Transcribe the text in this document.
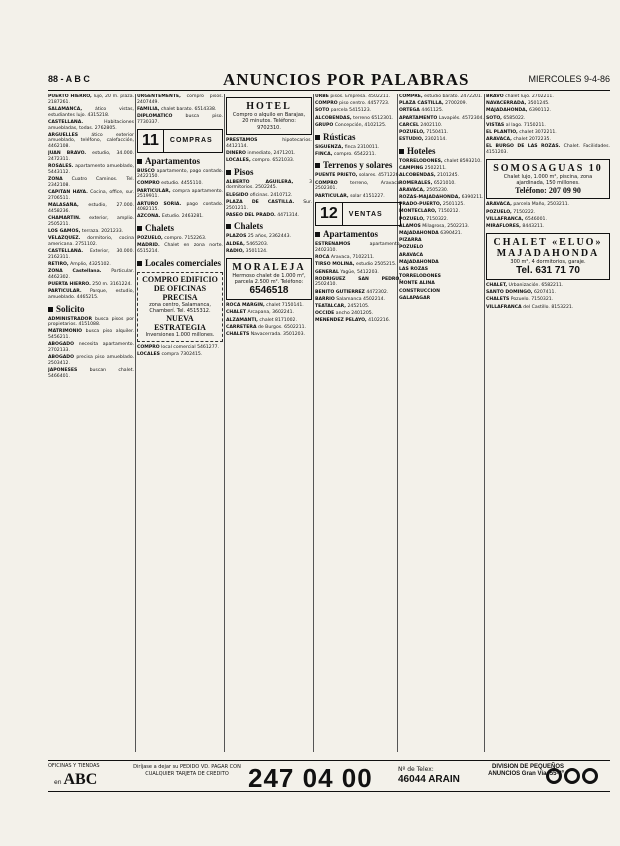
88 - A B C	ANUNCIOS POR PALABRAS	MIERCOLES 9-4-86
PUERTO HIERRO, lujo, 20 m. plaza. 2187261.
SALAMANCA,	ático vistas, estudiantes lujo. 4315218.
CASTELLANA.	Habitaciones amuebladas, todas. 2762805.
ARGUELLES	ático exterior amueblado, teléfono, calefacción, 4462108.
JUAN BRAVO. estudio, 34.000. 2472311.
ROSALES. apartamento amueblado, 5443112.
ZONA Cuatro Caminos. Tel. 2342108.
CAPITAN HAYA. Cocina, office, sur. 2706511.
MALASAÑA, estudio, 27.000. 4458236.
CHAMARTIN. exterior, amplio. 2505211.
LOS GAMOS, terraza. 2021233.
VELAZQUEZ. dormitorio, cocina americana. 2751102.
CASTELLANA. Exterior, 30.000. 2162311.
RETIRO, Amplio, 4325102.
ZONA Castellana. Particular. 4462302.
PUERTA HIERRO. 250 m. 3161224.
PARTICULAR. Parque, estudio, amueblado. 4465215.
Solicito
ADMINISTRADOR busca pisos por propietarios. 4151088.
MATRIMONIO busca piso alquiler. 5456211.
ABOGADO necesita apartamento. 2702133.
ABOGADO precisa piso amueblado. 2503412.
JAPONESES	buscan chalet. 5466401.
URGENTEMENTE, compro pisos. 2407449.
FAMILIA, chalet barato. 6514338.
DIPLOMATICO	busca piso. 7730337.
11	COMPRAS
Apartamentos
BUSCO apartamento, pago contado. 2422150.
COMPRO estudio. 4455110.
PARTICULAR, compra apartamento. 2519911.
ARTURO SORIA. pago contado. 4082115.
AZCONA. Estudio. 2463281.
Chalets
POZUELO, compro. 7152263.
MADRID. Chalet en zona norte. 6515214.
Locales comerciales
COMPRO EDIFICIO DE OFICINAS
PRECISA
zona centro, Salamanca, Chamberí. Tel. 4515312.
NUEVA ESTRATEGIA
Inversiones 1.000 millones.
COMPRO local comercial 5461277.
LOCALES compra 7302415.
HOTEL
Compro o alquilo en Barajas, 20 minutos. Teléfono: 9702310.
PRESTAMOS	hipotecarios. 4412114.
DINERO inmediato, 2471201.
LOCALES, compro. 6521033.
Pisos
ALBERTO AGUILERA,	3 dormitorios. 2502245.
ELEGIDO oficinas. 2410712.
PLAZA DE CASTILLA. Sur. 2501211.
PASEO DEL PRADO. 4471314.
Chalets
PLAZOS 25 años, 2362443.
ALDEA, 5465203.
RADIO, 3501124.
MORALEJA
Hermoso chalet de 1.000 m², parcela 2.500 m². Teléfono:
6546518
ROCA MARGIN, chalet 7150141.
CHALET Arcapana, 3602241.
ALZAMANTI, chalet 8171002.
CARRETERA de Burgos. 6502211.
CHALETS Navacerrada. 3501203.
URBE pisos. Empresa. 4502211.
COMPRO piso centro. 4457723.
SOTO parcela 5415123.
ALCOBENDAS, terreno 6512301.
GRUPO Concepción, 4102125.
Rústicas
SIGUENZA, finca 2310011.
FINCA, compro. 6542211.
Terrenos y solares
PUENTE PRIETO, solares. 4571226.
COMPRO	terreno, Aravaca. 2502301.
PARTICULAR, solar 4151227.
12	VENTAS
Apartamentos
ESTRENAMOS	apartamento, 2402310.
ROCA Aravaca, 7102211.
TIRSO MOLINA, estudio 2505215.
GENERAL Yagüe, 5412203.
RODRIGUEZ SAN PEDRO, 2502410.
BENITO GUTIERREZ 4472302.
BARRIO Salamanca 4502214.
TEATALCAR, 2452105.
OCCIDE ancho 2401205.
MENENDEZ PELAYO, 4102216.
COMPRE, estudio barato. 2472201.
PLAZA CASTILLA, 2700209.
ORTEGA 4461125.
APARTAMENTO Lavapiés. 4572304.
CARCEL 2402110.
POZUELO, 7150411.
ESTUDIO, 2302114.
Hoteles
TORRELODONES, chalet 8593210.
CAMPING 2502211.
ALCOBENDAS, 2101245.
ROMERALES, 6521010.
ARAVACA, 2505230.
ROZAS-MAJADAHONDA, 6390211.
PRADO-PUERTO, 2501125.
MONTECLARO, 7150212.
POZUELO, 7150322.
ALAMOS Milagrosa, 2502213.
MAJADAHONDA 6390421.
PIZARRA
POZUELO
ARAVACA
MAJADAHONDA
LAS ROZAS
TORRELODONES
MONTE ALINA
CONSTRUCCION
GALAPAGAR
BRAVO chalet lujo. 2702211.
NAVACERRADA, 3501245.
MAJADAHONDA, 6390112.
SOTO, 6585022.
VISTAS al lago. 7150211.
EL PLANTIO, chalet 3072211.
ARAVACA, chalet 2072235.
EL BURGO DE LAS ROZAS. Chalet. Facilidades. 4151203.
SOMOSAGUAS 10
Chalet lujo, 1.000 m², piscina, zona ajardinada, 150 millones.
Teléfono: 207 09 90
ARAVACA, parcela Maño, 2503211.
POZUELO, 7150222.
VILLAFRANCA, 6546001.
MIRAFLORES, 8443211.
CHALET «ELUO» MAJADAHONDA
300 m², 4 dormitorios, garaje.
Tel. 631 71 70
CHALET, Urbanización. 6582211.
SANTO DOMINGO, 6207411.
CHALETS Pozuelo. 7150321.
VILLAFRANCA del Castillo. 8153221.
OFICINAS Y TIENDAS
en ABC
Diríjase a dejar su PEDIDO VD. PAGAR CON CUALQUIER TARJETA DE CREDITO 247 04 00	Nº de Telex:
46044 ARAIN
DIVISION DE PEQUEÑOS ANUNCIOS Gran Vía, 55-4º
